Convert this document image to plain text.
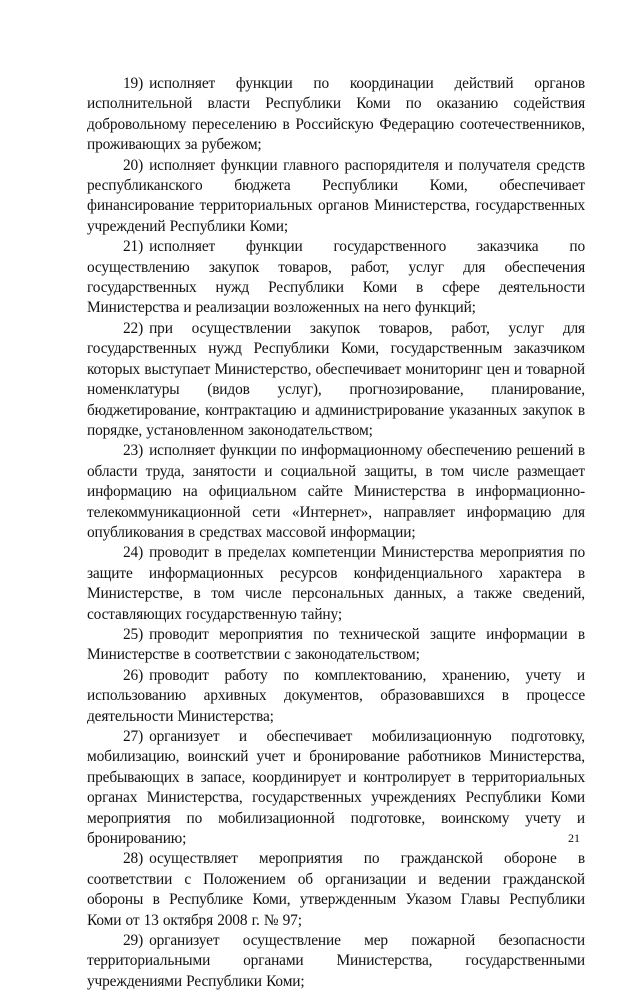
19) исполняет функции по координации действий органов исполнительной власти Республики Коми по оказанию содействия добровольному переселению в Российскую Федерацию соотечественников, проживающих за рубежом;

20) исполняет функции главного распорядителя и получателя средств республиканского бюджета Республики Коми, обеспечивает финансирование территориальных органов Министерства, государственных учреждений Республики Коми;

21) исполняет функции государственного заказчика по осуществлению закупок товаров, работ, услуг для обеспечения государственных нужд Республики Коми в сфере деятельности Министерства и реализации возложенных на него функций;

22) при осуществлении закупок товаров, работ, услуг для государственных нужд Республики Коми, государственным заказчиком которых выступает Министерство, обеспечивает мониторинг цен и товарной номенклатуры (видов услуг), прогнозирование, планирование, бюджетирование, контрактацию и администрирование указанных закупок в порядке, установленном законодательством;

23) исполняет функции по информационному обеспечению решений в области труда, занятости и социальной защиты, в том числе размещает информацию на официальном сайте Министерства в информационно-телекоммуникационной сети «Интернет», направляет информацию для опубликования в средствах массовой информации;

24) проводит в пределах компетенции Министерства мероприятия по защите информационных ресурсов конфиденциального характера в Министерстве, в том числе персональных данных, а также сведений, составляющих государственную тайну;

25) проводит мероприятия по технической защите информации в Министерстве в соответствии с законодательством;

26) проводит работу по комплектованию, хранению, учету и использованию архивных документов, образовавшихся в процессе деятельности Министерства;

27) организует и обеспечивает мобилизационную подготовку, мобилизацию, воинский учет и бронирование работников Министерства, пребывающих в запасе, координирует и контролирует в территориальных органах Министерства, государственных учреждениях Республики Коми мероприятия по мобилизационной подготовке, воинскому учету и бронированию;

28) осуществляет мероприятия по гражданской обороне в соответствии с Положением об организации и ведении гражданской обороны в Республике Коми, утвержденным Указом Главы Республики Коми от 13 октября 2008 г. № 97;

29) организует осуществление мер пожарной безопасности территориальными органами Министерства, государственными учреждениями Республики Коми;

21
